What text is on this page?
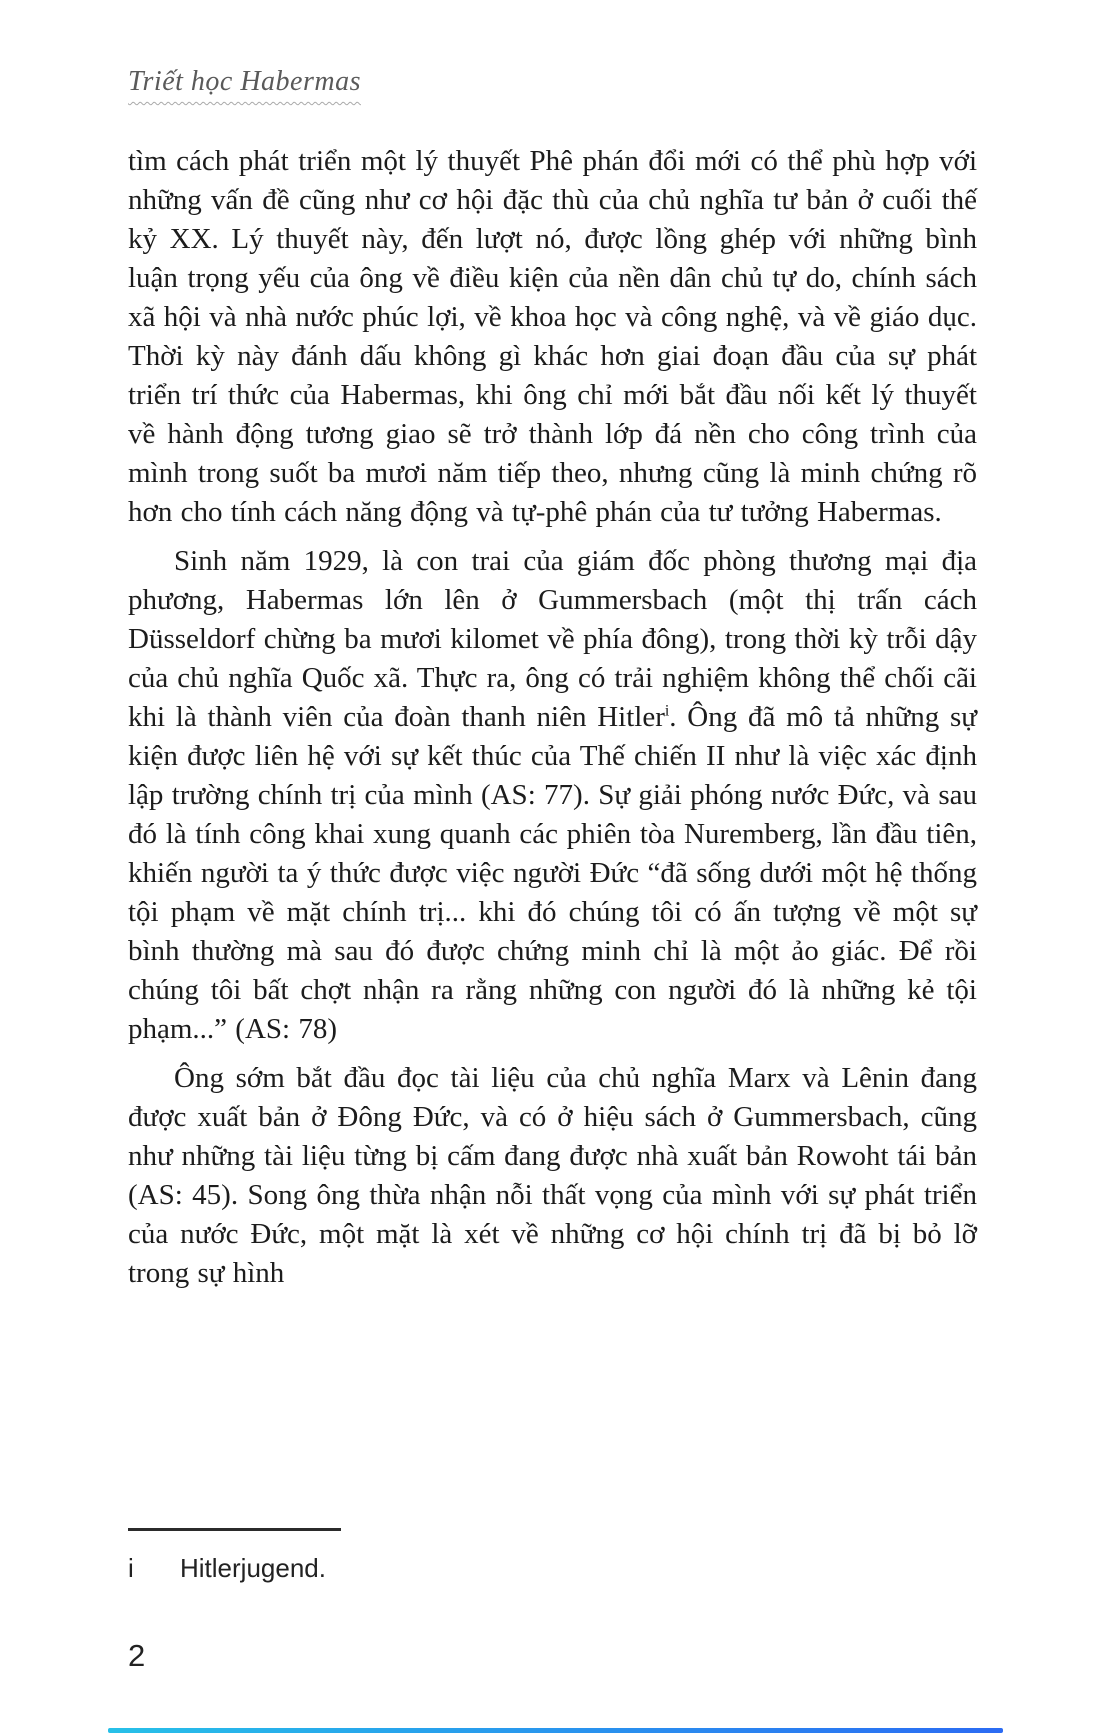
Triết học Habermas

tìm cách phát triển một lý thuyết Phê phán đổi mới có thể phù hợp với những vấn đề cũng như cơ hội đặc thù của chủ nghĩa tư bản ở cuối thế kỷ XX. Lý thuyết này, đến lượt nó, được lồng ghép với những bình luận trọng yếu của ông về điều kiện của nền dân chủ tự do, chính sách xã hội và nhà nước phúc lợi, về khoa học và công nghệ, và về giáo dục. Thời kỳ này đánh dấu không gì khác hơn giai đoạn đầu của sự phát triển trí thức của Habermas, khi ông chỉ mới bắt đầu nối kết lý thuyết về hành động tương giao sẽ trở thành lớp đá nền cho công trình của mình trong suốt ba mươi năm tiếp theo, nhưng cũng là minh chứng rõ hơn cho tính cách năng động và tự-phê phán của tư tưởng Habermas.

Sinh năm 1929, là con trai của giám đốc phòng thương mại địa phương, Habermas lớn lên ở Gummersbach (một thị trấn cách Düsseldorf chừng ba mươi kilomet về phía đông), trong thời kỳ trỗi dậy của chủ nghĩa Quốc xã. Thực ra, ông có trải nghiệm không thể chối cãi khi là thành viên của đoàn thanh niên Hitler$^i$. Ông đã mô tả những sự kiện được liên hệ với sự kết thúc của Thế chiến II như là việc xác định lập trường chính trị của mình (AS: 77). Sự giải phóng nước Đức, và sau đó là tính công khai xung quanh các phiên tòa Nuremberg, lần đầu tiên, khiến người ta ý thức được việc người Đức “đã sống dưới một hệ thống tội phạm về mặt chính trị... khi đó chúng tôi có ấn tượng về một sự bình thường mà sau đó được chứng minh chỉ là một ảo giác. Để rồi chúng tôi bất chợt nhận ra rằng những con người đó là những kẻ tội phạm...” (AS: 78)

Ông sớm bắt đầu đọc tài liệu của chủ nghĩa Marx và Lênin đang được xuất bản ở Đông Đức, và có ở hiệu sách ở Gummersbach, cũng như những tài liệu từng bị cấm đang được nhà xuất bản Rowoht tái bản (AS: 45). Song ông thừa nhận nỗi thất vọng của mình với sự phát triển của nước Đức, một mặt là xét về những cơ hội chính trị đã bị bỏ lỡ trong sự hình

i	Hitlerjugend.
2
